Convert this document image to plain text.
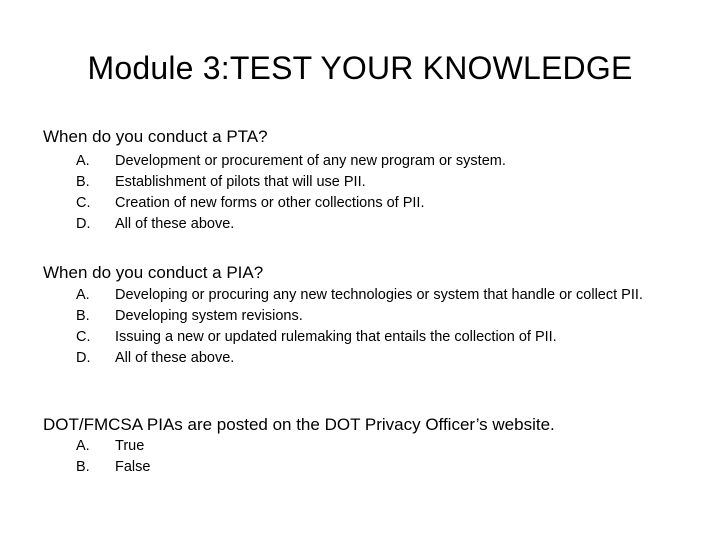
Module 3:TEST YOUR KNOWLEDGE
When do you conduct a PTA?
A.	Development or procurement of any new program or system.
B.	Establishment of pilots that will use PII.
C.	Creation of new forms or other collections of PII.
D.	All of these above.
When do you conduct a PIA?
A.	Developing or procuring any new technologies or system that handle or collect PII.
B.	Developing system revisions.
C.	Issuing a new or updated rulemaking that entails the collection of PII.
D.	All of these above.
DOT/FMCSA PIAs are posted on the DOT Privacy Officer’s website.
A.	True
B.	False
